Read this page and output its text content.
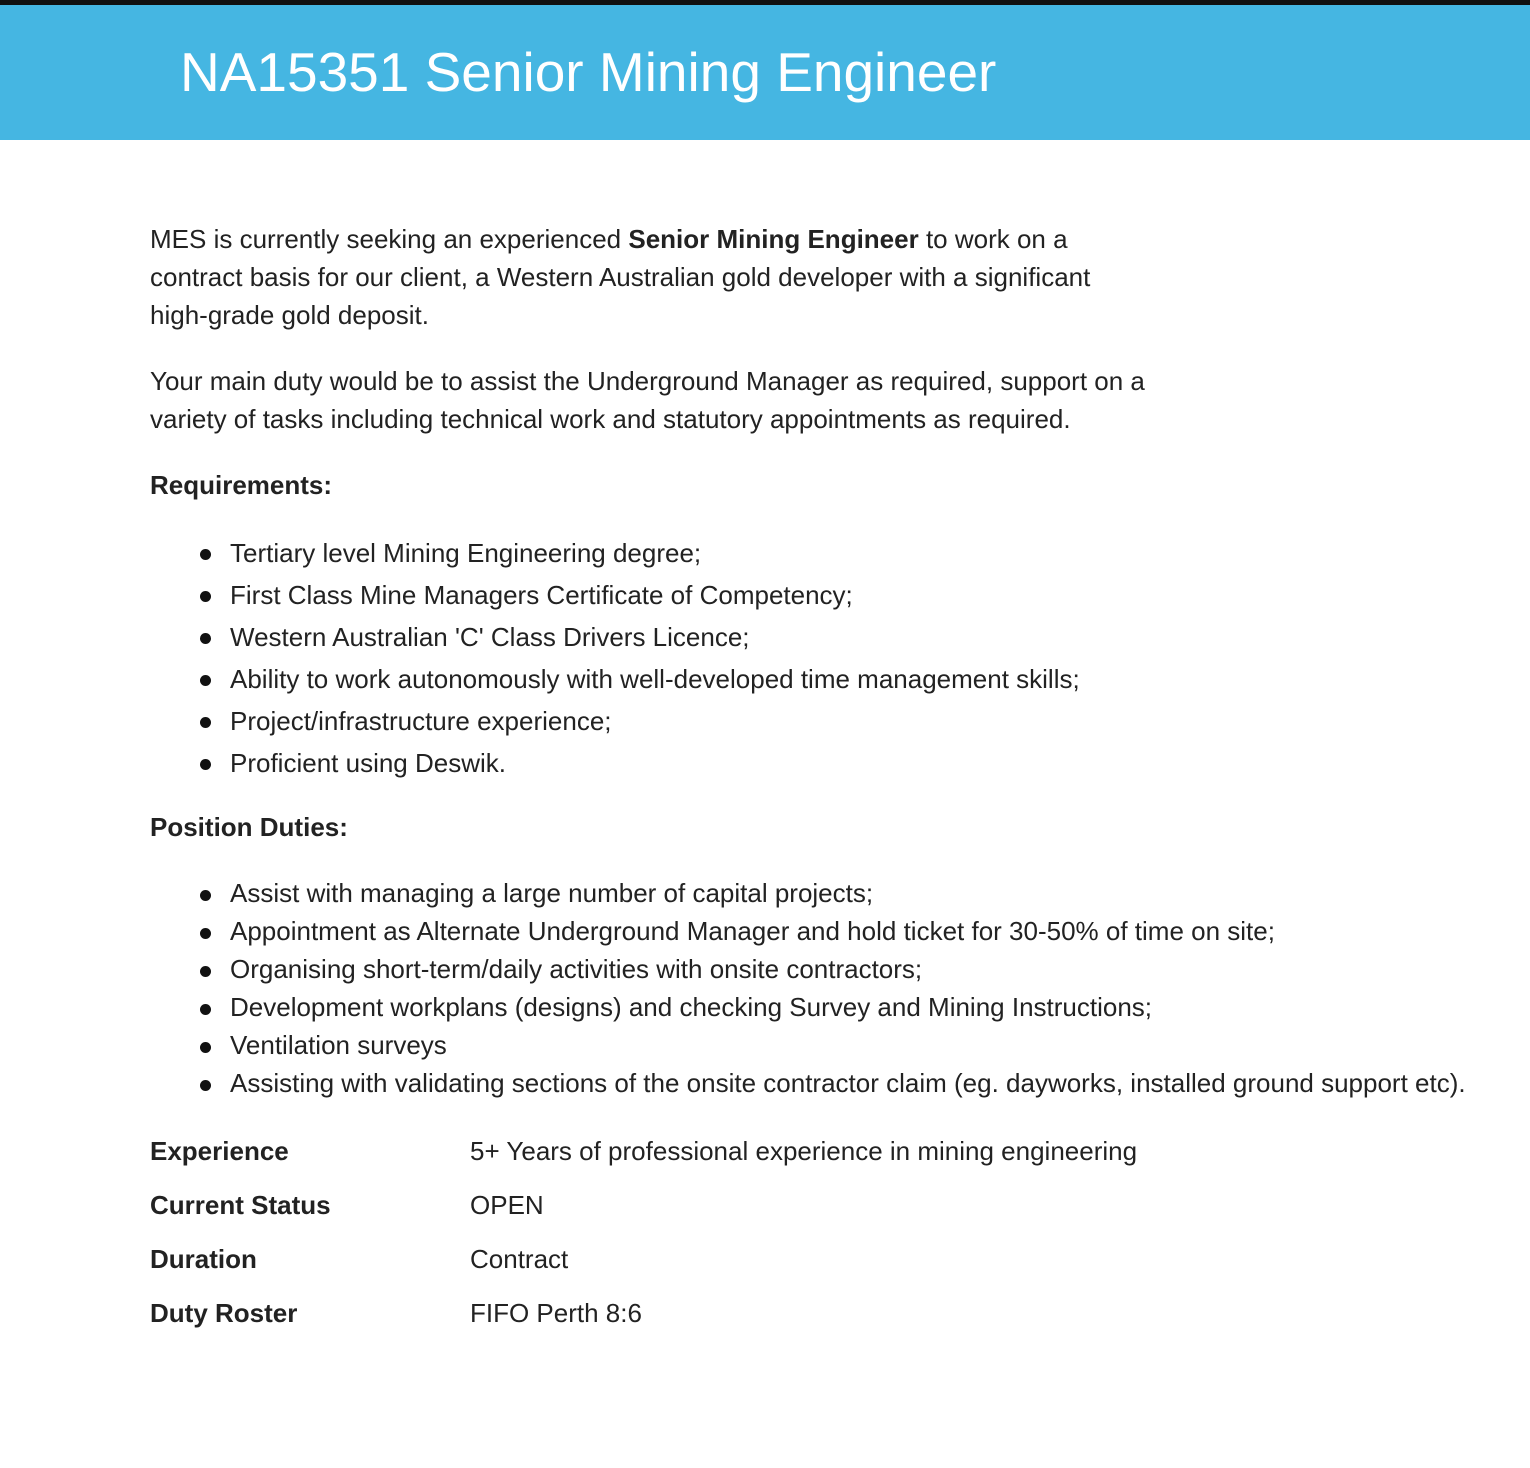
NA15351 Senior Mining Engineer

MES is currently seeking an experienced Senior Mining Engineer to work on a contract basis for our client, a Western Australian gold developer with a significant high-grade gold deposit.

Your main duty would be to assist the Underground Manager as required, support on a variety of tasks including technical work and statutory appointments as required.

Requirements:

Tertiary level Mining Engineering degree;
First Class Mine Managers Certificate of Competency;
Western Australian 'C' Class Drivers Licence;
Ability to work autonomously with well-developed time management skills;
Project/infrastructure experience;
Proficient using Deswik.

Position Duties:

Assist with managing a large number of capital projects;
Appointment as Alternate Underground Manager and hold ticket for 30-50% of time on site;
Organising short-term/daily activities with onsite contractors;
Development workplans (designs) and checking Survey and Mining Instructions;
Ventilation surveys
Assisting with validating sections of the onsite contractor claim (eg. dayworks, installed ground support etc).
Experience	5+ Years of professional experience in mining engineering
Current Status	OPEN
Duration	Contract
Duty Roster	FIFO Perth 8:6
